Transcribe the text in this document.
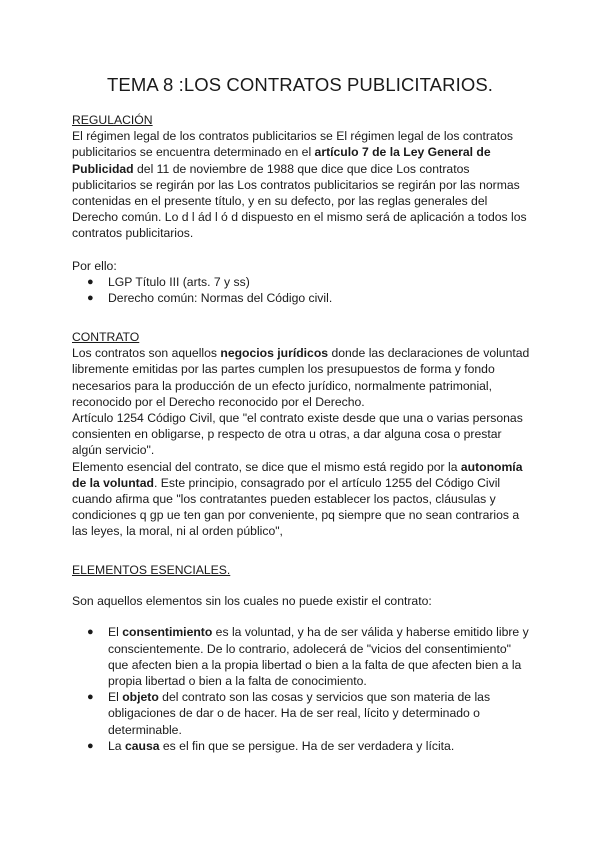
TEMA 8 :LOS CONTRATOS PUBLICITARIOS.
REGULACIÓN

El régimen legal de los contratos publicitarios se El régimen legal de los contratos publicitarios se encuentra determinado en el artículo 7 de la Ley General de Publicidad del 11 de noviembre de 1988 que dice que dice Los contratos publicitarios se regirán por las Los contratos publicitarios se regirán por las normas contenidas en el presente título, y en su defecto, por las reglas generales del Derecho común. Lo d l ád l ó d dispuesto en el mismo será de aplicación a todos los contratos publicitarios.

Por ello:

● LGP Título III (arts. 7 y ss)
● Derecho común: Normas del Código civil.
CONTRATO

Los contratos son aquellos negocios jurídicos donde las declaraciones de voluntad libremente emitidas por las partes cumplen los presupuestos de forma y fondo necesarios para la producción de un efecto jurídico, normalmente patrimonial, reconocido por el Derecho reconocido por el Derecho.

Artículo 1254 Código Civil, que "el contrato existe desde que una o varias personas consienten en obligarse, p respecto de otra u otras, a dar alguna cosa o prestar algún servicio".

Elemento esencial del contrato, se dice que el mismo está regido por la autonomía de la voluntad. Este principio, consagrado por el artículo 1255 del Código Civil cuando afirma que "los contratantes pueden establecer los pactos, cláusulas y condiciones q gp ue ten gan por conveniente, pq siempre que no sean contrarios a las leyes, la moral, ni al orden público",

ELEMENTOS ESENCIALES.

Son aquellos elementos sin los cuales no puede existir el contrato:

● El consentimiento es la voluntad, y ha de ser válida y haberse emitido libre y conscientemente. De lo contrario, adolecerá de "vicios del consentimiento" que afecten bien a la propia libertad o bien a la falta de que afecten bien a la propia libertad o bien a la falta de conocimiento.
● El objeto del contrato son las cosas y servicios que son materia de las obligaciones de dar o de hacer. Ha de ser real, lícito y determinado o determinable.
● La causa es el fin que se persigue. Ha de ser verdadera y lícita.
